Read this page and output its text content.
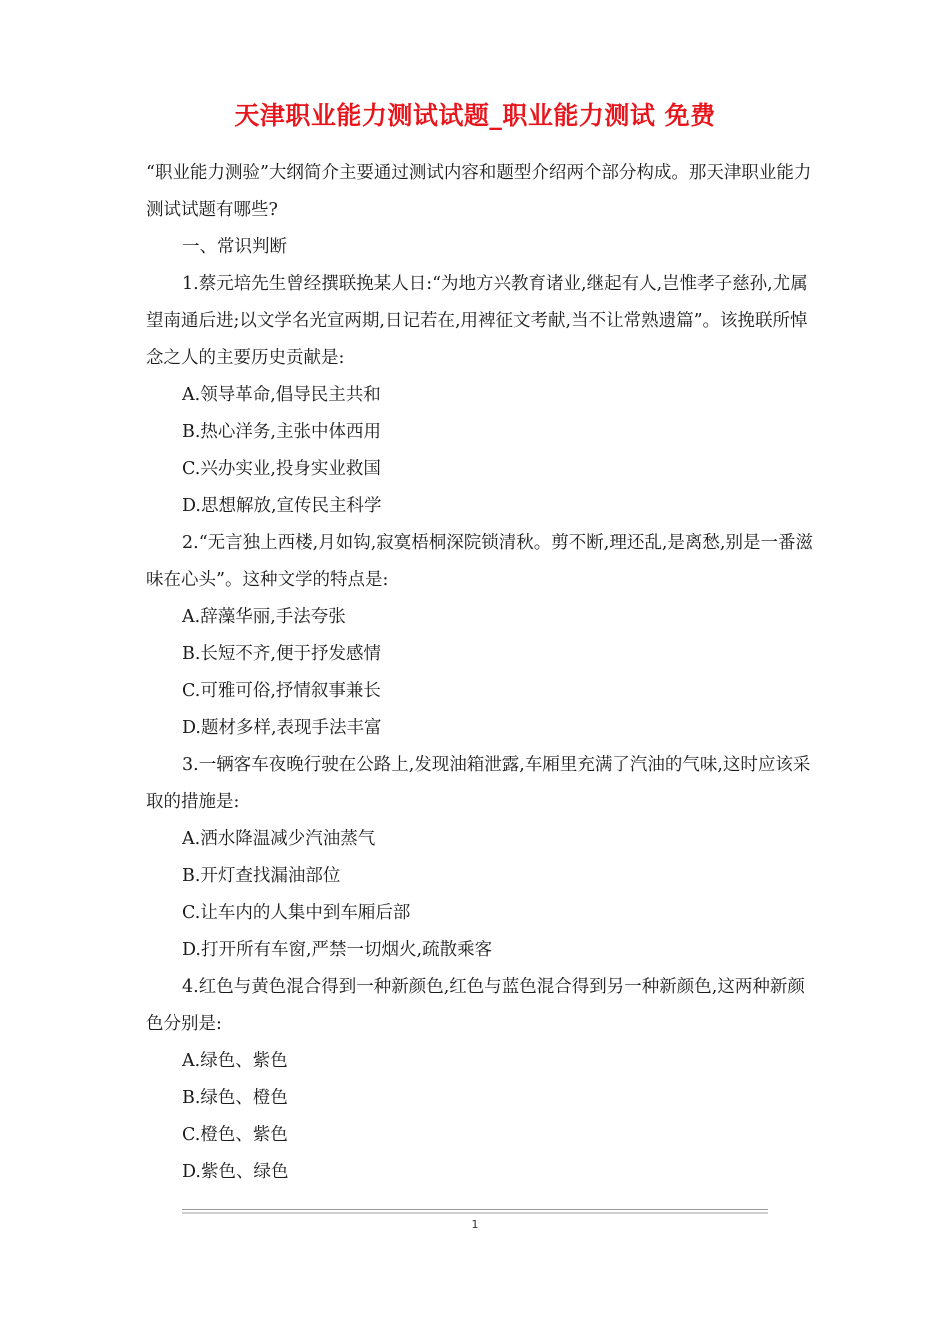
天津职业能力测试试题_职业能力测试 免费

“职业能力测验”大纲简介主要通过测试内容和题型介绍两个部分构成。那天津职业能力测试试题有哪些?

一、常识判断

1.蔡元培先生曾经撰联挽某人日:“为地方兴教育诸业,继起有人,岂惟孝子慈孙,尤属望南通后进;以文学名光宣两期,日记若在,用裨征文考献,当不让常熟遗篇”。该挽联所悼念之人的主要历史贡献是:

A.领导革命,倡导民主共和

B.热心洋务,主张中体西用

C.兴办实业,投身实业救国

D.思想解放,宣传民主科学

2.“无言独上西楼,月如钩,寂寞梧桐深院锁清秋。剪不断,理还乱,是离愁,别是一番滋味在心头”。这种文学的特点是:

A.辞藻华丽,手法夸张

B.长短不齐,便于抒发感情

C.可雅可俗,抒情叙事兼长

D.题材多样,表现手法丰富

3.一辆客车夜晚行驶在公路上,发现油箱泄露,车厢里充满了汽油的气味,这时应该采取的措施是:

A.洒水降温减少汽油蒸气

B.开灯查找漏油部位

C.让车内的人集中到车厢后部

D.打开所有车窗,严禁一切烟火,疏散乘客

4.红色与黄色混合得到一种新颜色,红色与蓝色混合得到另一种新颜色,这两种新颜色分别是:

A.绿色、紫色

B.绿色、橙色

C.橙色、紫色

D.紫色、绿色

1
